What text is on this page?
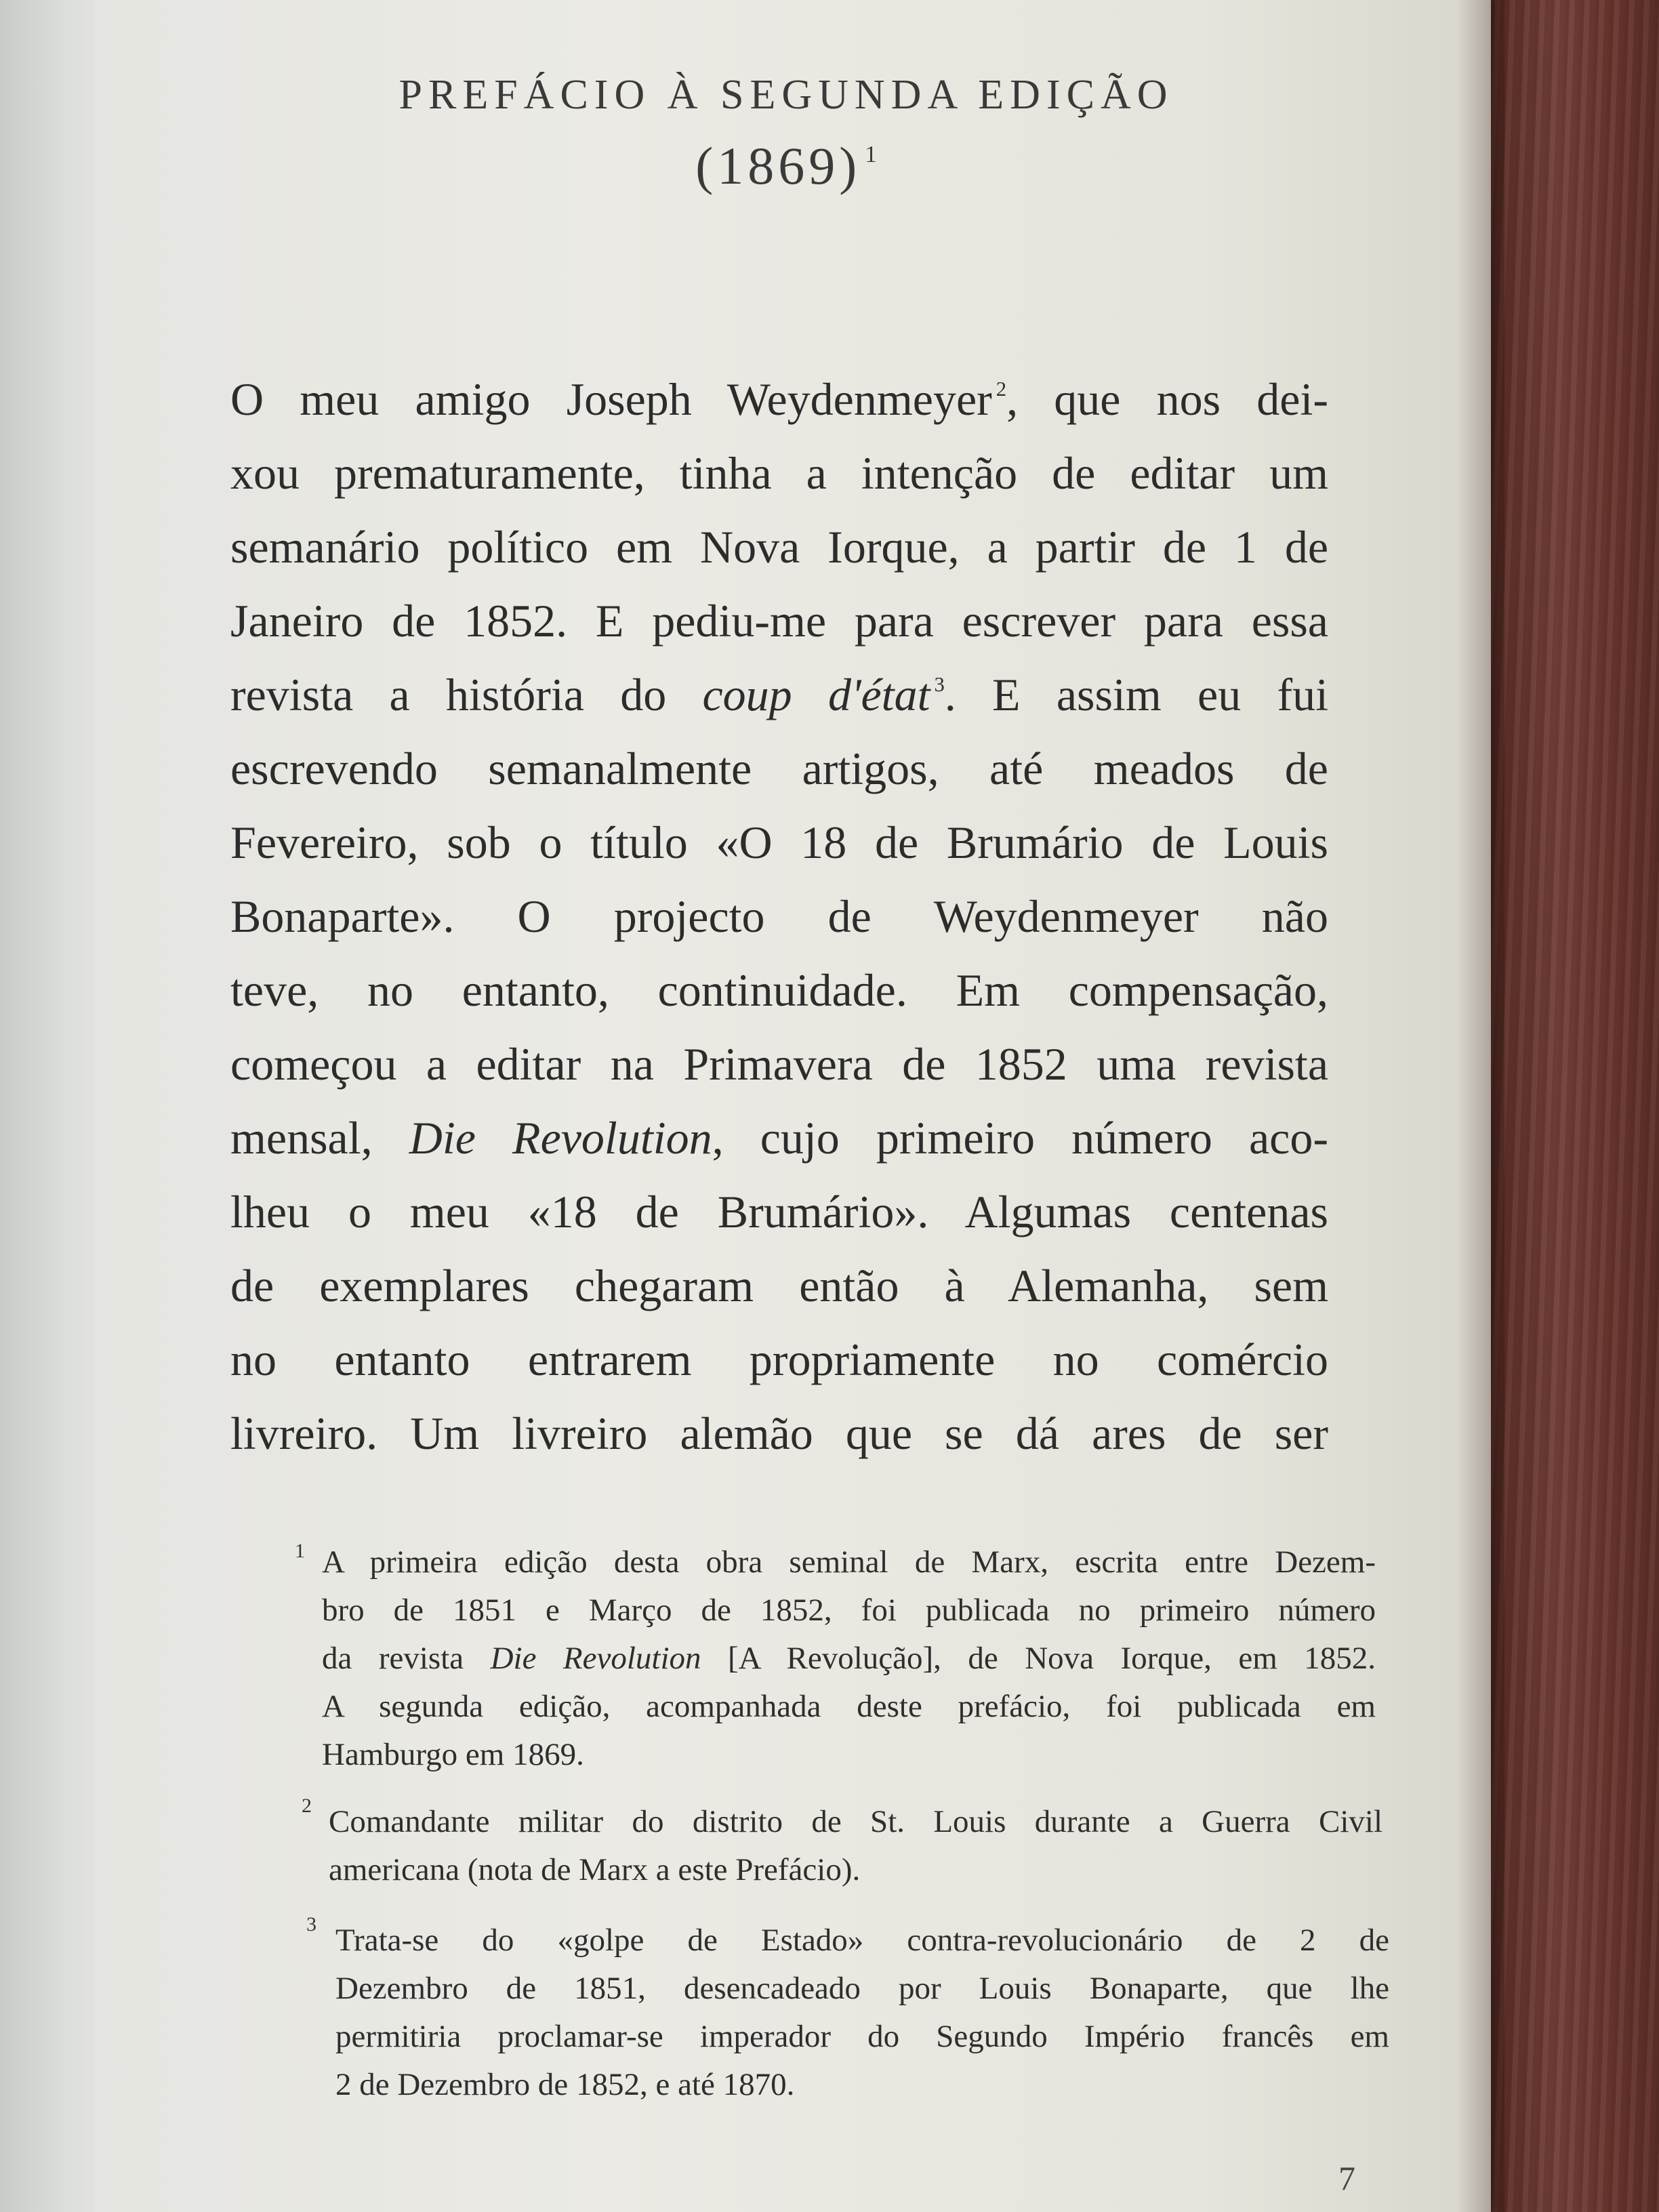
PREFÁCIO À SEGUNDA EDIÇÃO
(1869) $^1$
O meu amigo Joseph Weydenmeyer $^2$, que nos dei-
xou prematuramente, tinha a intenção de editar um
semanário político em Nova Iorque, a partir de 1 de
Janeiro de 1852. E pediu-me para escrever para essa
revista a história do coup d'état $^3$. E assim eu fui
escrevendo semanalmente artigos, até meados de
Fevereiro, sob o título «O 18 de Brumário de Louis
Bonaparte». O projecto de Weydenmeyer não
teve, no entanto, continuidade. Em compensação,
começou a editar na Primavera de 1852 uma revista
mensal, Die Revolution, cujo primeiro número aco-
lheu o meu «18 de Brumário». Algumas centenas
de exemplares chegaram então à Alemanha, sem
no entanto entrarem propriamente no comércio
livreiro. Um livreiro alemão que se dá ares de ser
1 A primeira edição desta obra seminal de Marx, escrita entre Dezem-
bro de 1851 e Março de 1852, foi publicada no primeiro número
da revista Die Revolution [A Revolução], de Nova Iorque, em 1852.
A segunda edição, acompanhada deste prefácio, foi publicada em
Hamburgo em 1869.
2 Comandante militar do distrito de St. Louis durante a Guerra Civil
americana (nota de Marx a este Prefácio).
3 Trata-se do «golpe de Estado» contra-revolucionário de 2 de
Dezembro de 1851, desencadeado por Louis Bonaparte, que lhe
permitiria proclamar-se imperador do Segundo Império francês em
2 de Dezembro de 1852, e até 1870.
7
